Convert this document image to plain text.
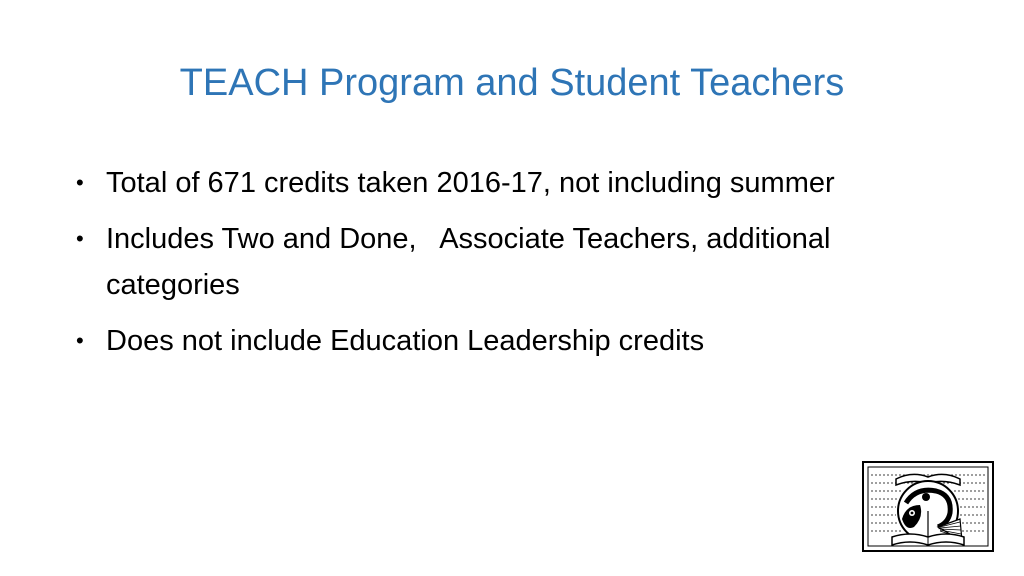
TEACH Program and Student Teachers
• Total of 671 credits taken 2016-17, not including summer
• Includes Two and Done,   Associate Teachers, additional categories
• Does not include Education Leadership credits
